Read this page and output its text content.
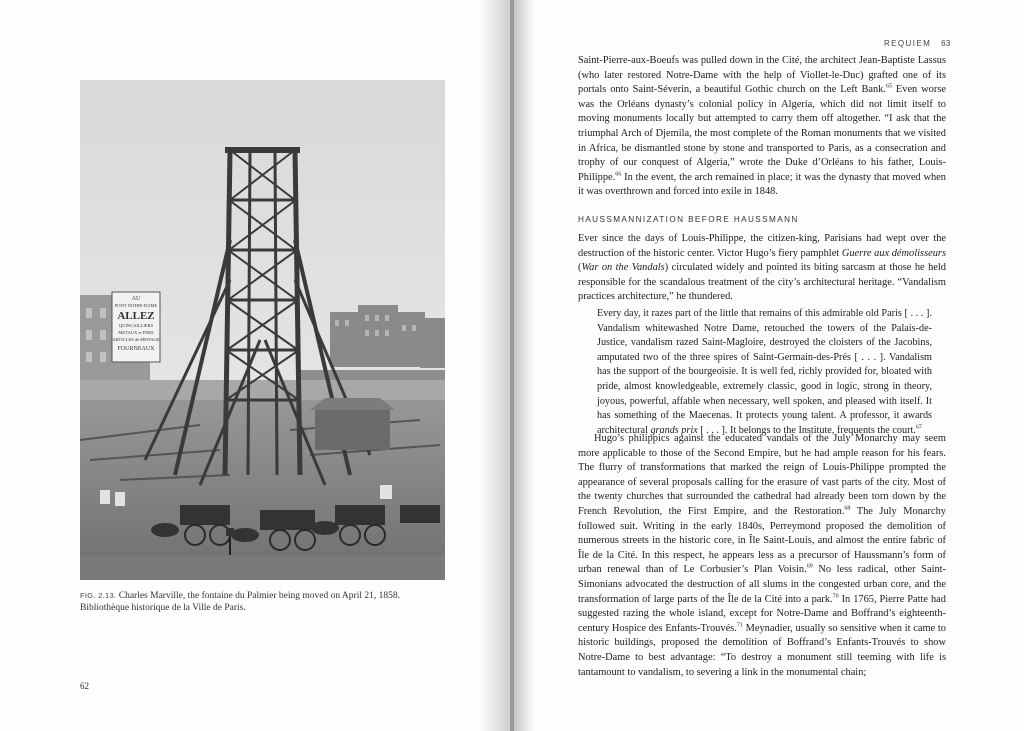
AU
PONT NOTRE-DAME
ALLEZ
QUINCAILLIERS
METAUX et FERS
ARTICLES de MENAGE
FOURNEAUX
FIG. 2.13. Charles Marville, the fontaine du Palmier being moved on April 21, 1858. Bibliothèque historique de la Ville de Paris.
62
REQUIEM 63

Saint-Pierre-aux-Boeufs was pulled down in the Cité, the architect Jean-Baptiste Lassus (who later restored Notre-Dame with the help of Viollet-le-Duc) grafted one of its portals onto Saint-Séverin, a beautiful Gothic church on the Left Bank.$^{65}$ Even worse was the Orléans dynasty’s colonial policy in Algeria, which did not limit itself to moving monuments locally but attempted to carry them off altogether. “I ask that the triumphal Arch of Djemila, the most complete of the Roman monuments that we visited in Africa, be dismantled stone by stone and transported to Paris, as a consecration and trophy of our conquest of Algeria,” wrote the Duke d’Orléans to his father, Louis-Philippe.$^{66}$ In the event, the arch remained in place; it was the dynasty that moved when it was overthrown and forced into exile in 1848.

HAUSSMANNIZATION BEFORE HAUSSMANN

Ever since the days of Louis-Philippe, the citizen-king, Parisians had wept over the destruction of the historic center. Victor Hugo’s fiery pamphlet Guerre aux démolisseurs (War on the Vandals) circulated widely and pointed its biting sarcasm at those he held responsible for the scandalous treatment of the city’s architectural heritage. “Vandalism practices architecture,” he thundered.

Every day, it razes part of the little that remains of this admirable old Paris [ . . . ]. Vandalism whitewashed Notre Dame, retouched the towers of the Palais-de-Justice, vandalism razed Saint-Magloire, destroyed the cloisters of the Jacobins, amputated two of the three spires of Saint-Germain-des-Prés [ . . . ]. Vandalism has the support of the bourgeoisie. It is well fed, richly provided for, bloated with pride, almost knowledgeable, extremely classic, good in logic, strong in theory, joyous, powerful, affable when necessary, well spoken, and pleased with itself. It has something of the Maecenas. It protects young talent. A professor, it awards architectural grands prix [ . . . ]. It belongs to the Institute, frequents the court.$^{67}$

Hugo’s philippics against the educated vandals of the July Monarchy may seem more applicable to those of the Second Empire, but he had ample reason for his fears. The flurry of transformations that marked the reign of Louis-Philippe prompted the appearance of several proposals calling for the erasure of vast parts of the city. Most of the twenty churches that surrounded the cathedral had already been torn down by the French Revolution, the First Empire, and the Restoration.$^{68}$ The July Monarchy followed suit. Writing in the early 1840s, Perreymond proposed the demolition of numerous streets in the historic core, in Île Saint-Louis, and almost the entire fabric of Île de la Cité. In this respect, he appears less as a precursor of Haussmann’s form of urban renewal than of Le Corbusier’s Plan Voisin.$^{69}$ No less radical, other Saint-Simonians advocated the destruction of all slums in the congested urban core, and the transformation of large parts of the Île de la Cité into a park.$^{70}$ In 1765, Pierre Patte had suggested razing the whole island, except for Notre-Dame and Boffrand’s eighteenth-century Hospice des Enfants-Trouvés.$^{71}$ Meynadier, usually so sensitive when it came to historic buildings, proposed the demolition of Boffrand’s Enfants-Trouvés to show Notre-Dame to best advantage: “To destroy a monument still teeming with life is tantamount to vandalism, to severing a link in the monumental chain;
